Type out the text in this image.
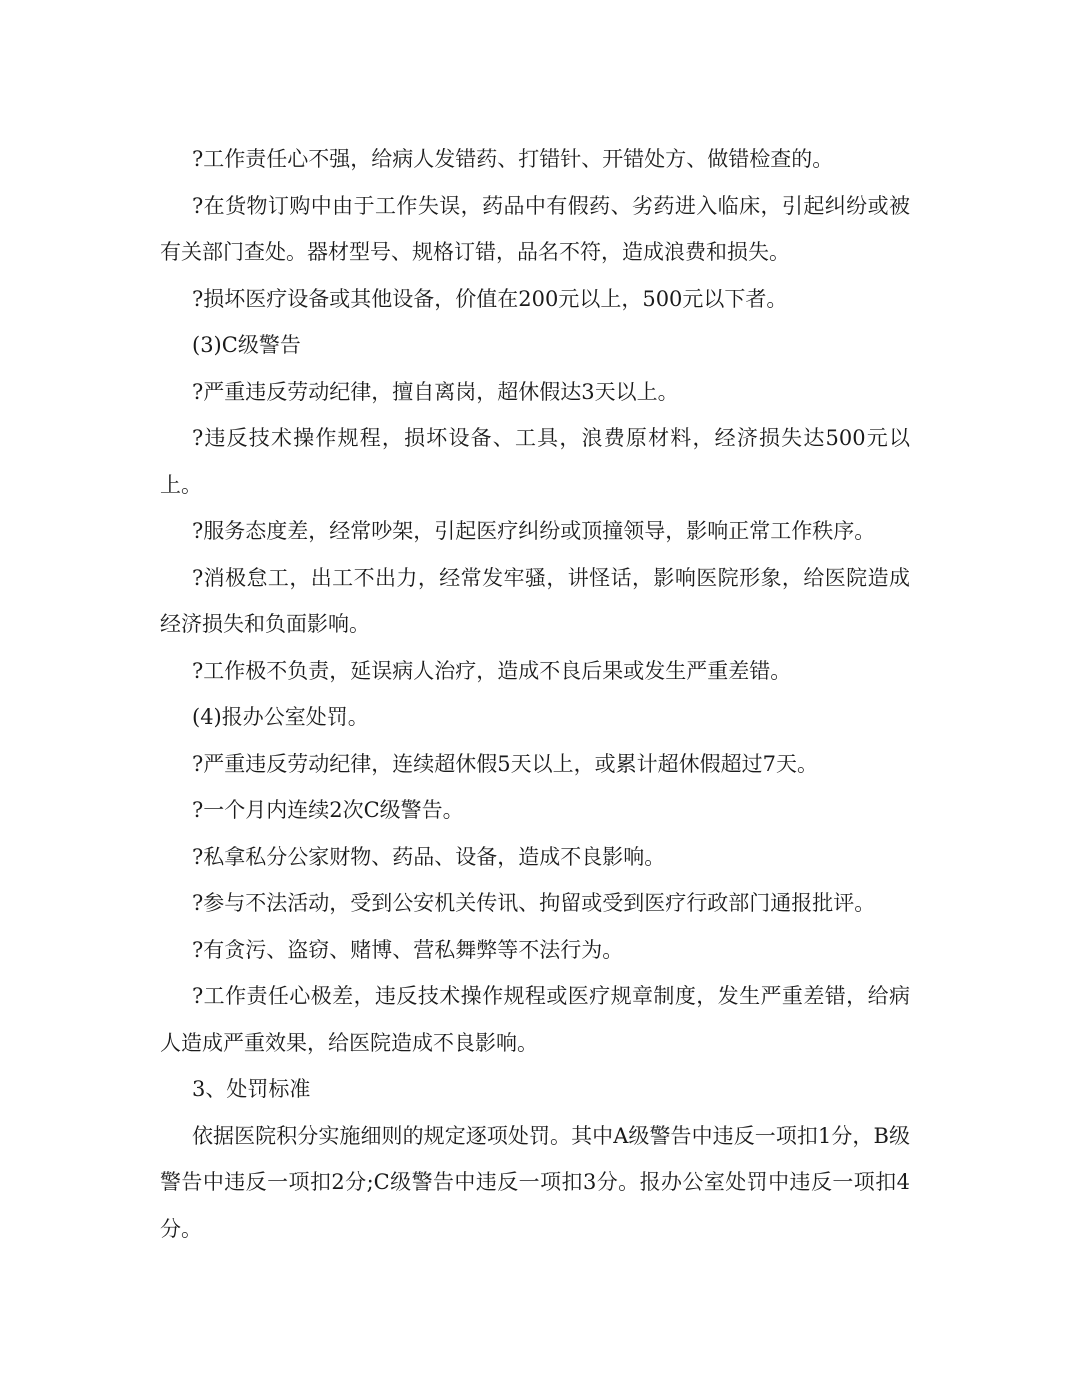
?工作责任心不强，给病人发错药、打错针、开错处方、做错检查的。

?在货物订购中由于工作失误，药品中有假药、劣药进入临床，引起纠纷或被有关部门查处。器材型号、规格订错，品名不符，造成浪费和损失。

?损坏医疗设备或其他设备，价值在200元以上，500元以下者。

(3)C级警告

?严重违反劳动纪律，擅自离岗，超休假达3天以上。

?违反技术操作规程，损坏设备、工具，浪费原材料，经济损失达500元以上。

?服务态度差，经常吵架，引起医疗纠纷或顶撞领导，影响正常工作秩序。

?消极怠工，出工不出力，经常发牢骚，讲怪话，影响医院形象，给医院造成经济损失和负面影响。

?工作极不负责，延误病人治疗，造成不良后果或发生严重差错。

(4)报办公室处罚。

?严重违反劳动纪律，连续超休假5天以上，或累计超休假超过7天。

?一个月内连续2次C级警告。

?私拿私分公家财物、药品、设备，造成不良影响。

?参与不法活动，受到公安机关传讯、拘留或受到医疗行政部门通报批评。

?有贪污、盗窃、赌博、营私舞弊等不法行为。

?工作责任心极差，违反技术操作规程或医疗规章制度，发生严重差错，给病人造成严重效果，给医院造成不良影响。

3、处罚标准

依据医院积分实施细则的规定逐项处罚。其中A级警告中违反一项扣1分，B级警告中违反一项扣2分;C级警告中违反一项扣3分。报办公室处罚中违反一项扣4分。
